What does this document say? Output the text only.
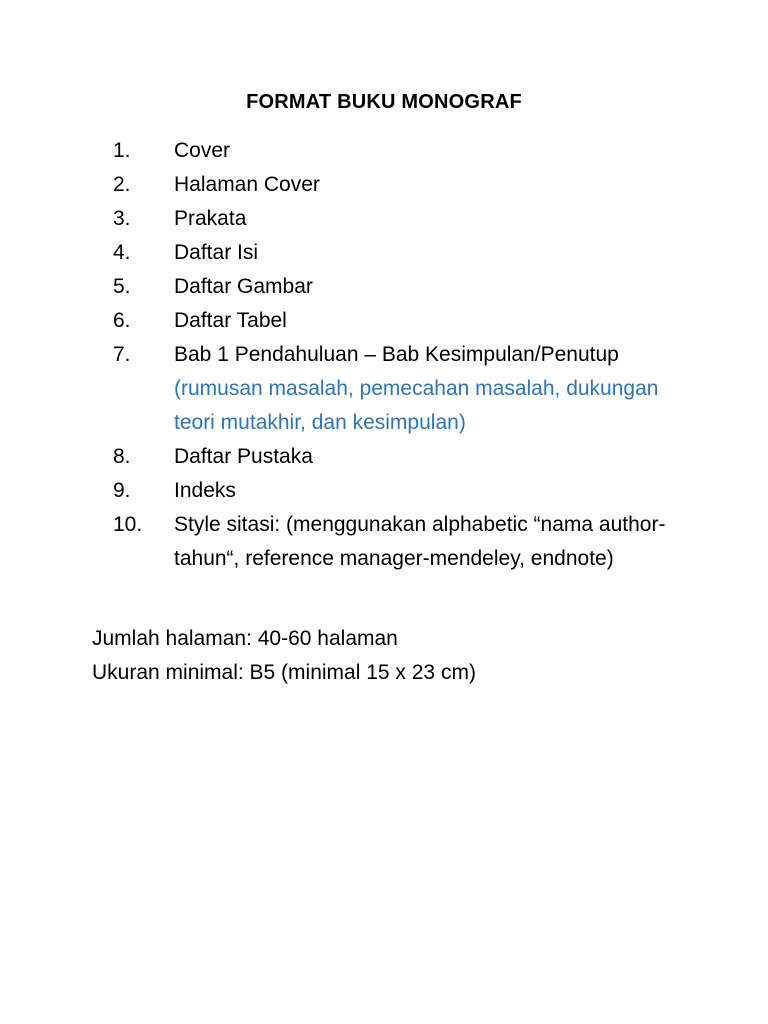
FORMAT BUKU MONOGRAF
1.	Cover
2.	Halaman Cover
3.	Prakata
4.	Daftar Isi
5.	Daftar Gambar
6.	Daftar Tabel
7.	Bab 1 Pendahuluan – Bab Kesimpulan/Penutup
(rumusan masalah, pemecahan masalah, dukungan teori mutakhir, dan kesimpulan)
8.	Daftar Pustaka
9.	Indeks
10.	Style sitasi: (menggunakan alphabetic “nama author-tahun“, reference manager-mendeley, endnote)
Jumlah halaman: 40-60 halaman
Ukuran minimal: B5 (minimal 15 x 23 cm)
